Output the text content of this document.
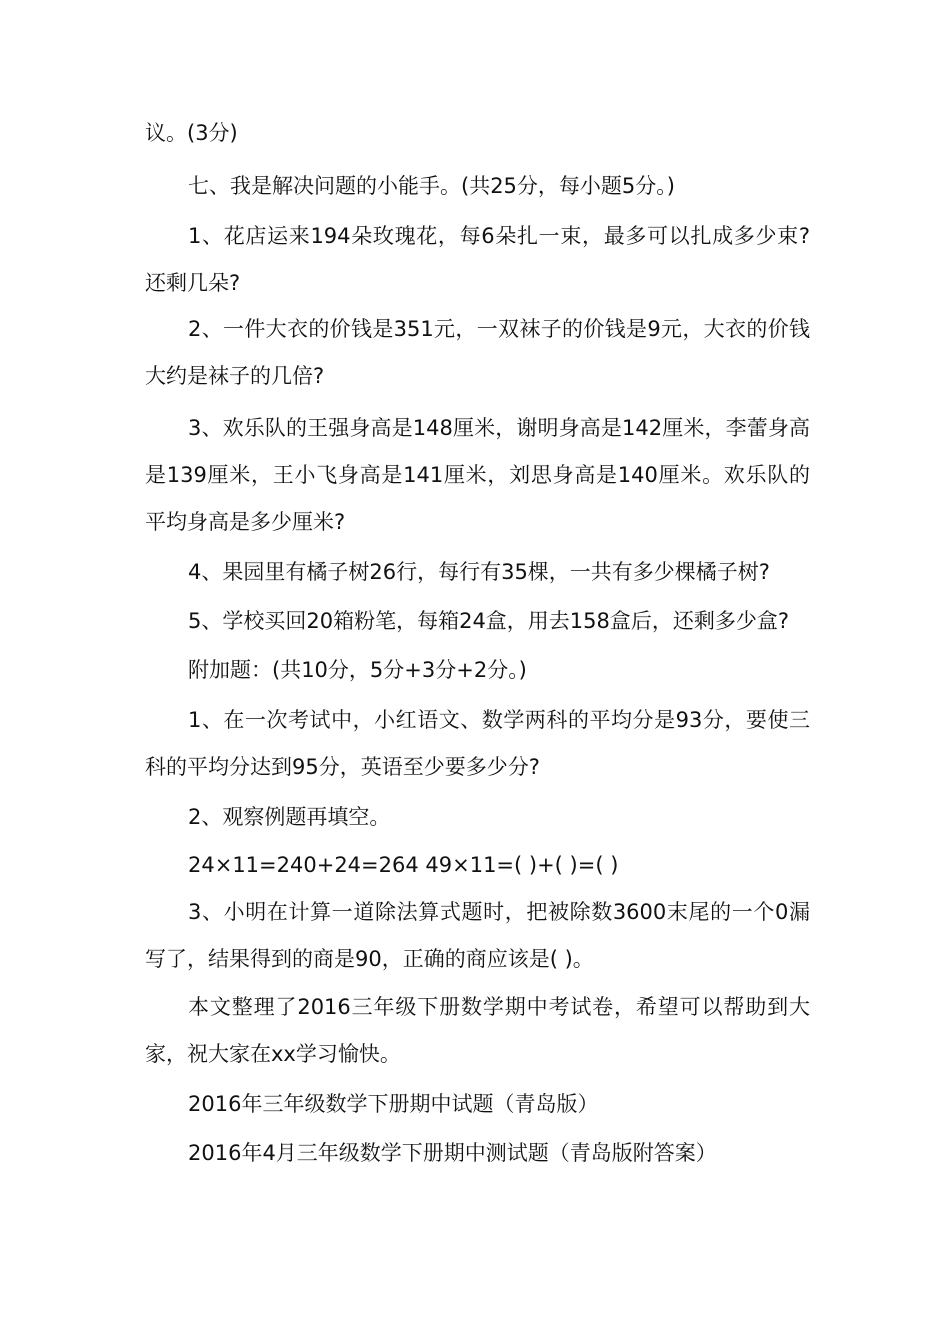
议。(3分)
七、我是解决问题的小能手。(共25分，每小题5分。)
1、花店运来194朵玫瑰花，每6朵扎一束，最多可以扎成多少束?还剩几朵?
2、一件大衣的价钱是351元，一双袜子的价钱是9元，大衣的价钱大约是袜子的几倍?
3、欢乐队的王强身高是148厘米，谢明身高是142厘米，李蕾身高是139厘米，王小飞身高是141厘米，刘思身高是140厘米。欢乐队的平均身高是多少厘米?
4、果园里有橘子树26行，每行有35棵，一共有多少棵橘子树?
5、学校买回20箱粉笔，每箱24盒，用去158盒后，还剩多少盒?
附加题：(共10分，5分+3分+2分。)
1、在一次考试中，小红语文、数学两科的平均分是93分，要使三科的平均分达到95分，英语至少要多少分?
2、观察例题再填空。
24×11=240+24=264 49×11=( )+( )=( )
3、小明在计算一道除法算式题时，把被除数3600末尾的一个0漏写了，结果得到的商是90，正确的商应该是( )。
本文整理了2016三年级下册数学期中考试卷，希望可以帮助到大家，祝大家在xx学习愉快。
2016年三年级数学下册期中试题（青岛版）
2016年4月三年级数学下册期中测试题（青岛版附答案）
